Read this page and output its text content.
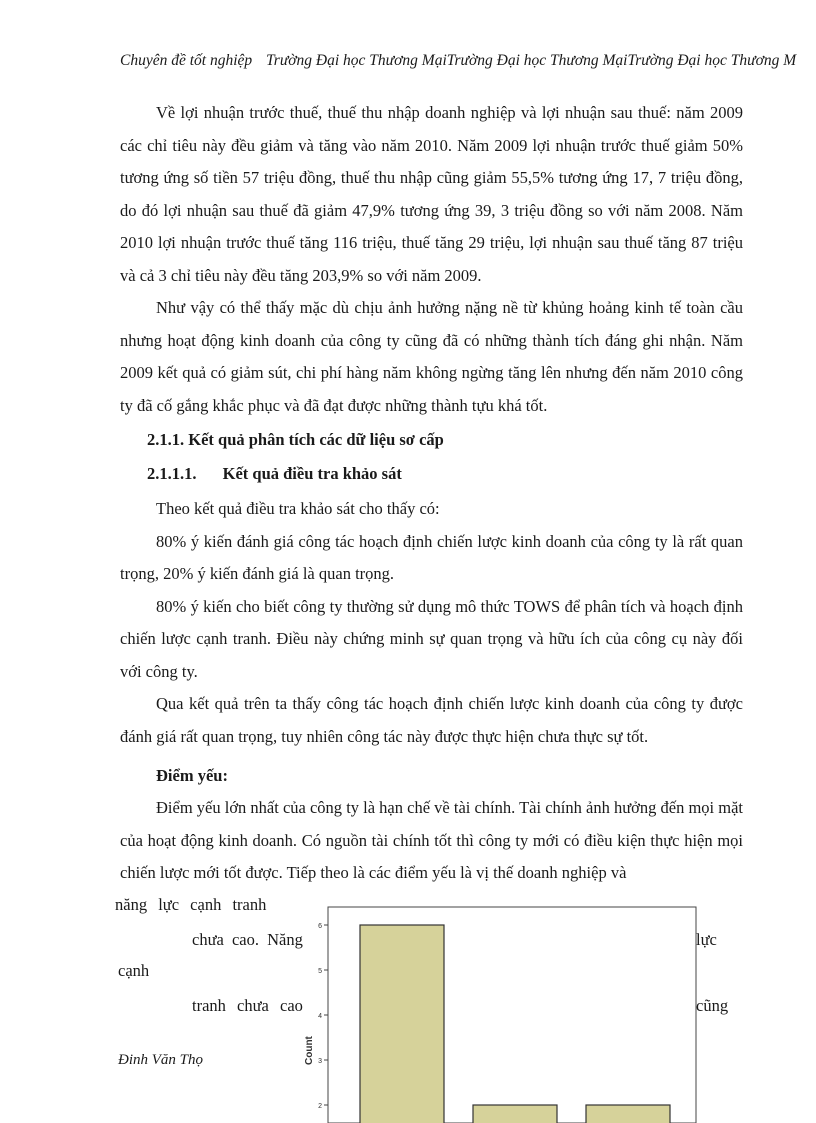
Chuyên đề tốt nghiệp Trường Đại học Thương MạiTrường Đại học Thương MạiTrường Đại học Thương M

Về lợi nhuận trước thuế, thuế thu nhập doanh nghiệp và lợi nhuận sau thuế: năm 2009 các chỉ tiêu này đều giảm và tăng vào năm 2010. Năm 2009 lợi nhuận trước thuế giảm 50% tương ứng số tiền 57 triệu đồng, thuế thu nhập cũng giảm 55,5% tương ứng 17, 7 triệu đồng, do đó lợi nhuận sau thuế đã giảm 47,9% tương ứng 39, 3 triệu đồng so với năm 2008. Năm 2010 lợi nhuận trước thuế tăng 116 triệu, thuế tăng 29 triệu, lợi nhuận sau thuế tăng 87 triệu và cả 3 chỉ tiêu này đều tăng 203,9% so với năm 2009.

Như vậy có thể thấy mặc dù chịu ảnh hưởng nặng nề từ khủng hoảng kinh tế toàn cầu nhưng hoạt động kinh doanh của công ty cũng đã có những thành tích đáng ghi nhận. Năm 2009 kết quả có giảm sút, chi phí hàng năm không ngừng tăng lên nhưng đến năm 2010 công ty đã cố gắng khắc phục và đã đạt được những thành tựu khá tốt.

2.1.1. Kết quả phân tích các dữ liệu sơ cấp
2.1.1.1. Kết quả điều tra khảo sát

Theo kết quả điều tra khảo sát cho thấy có:

80% ý kiến đánh giá công tác hoạch định chiến lược kinh doanh của công ty là rất quan trọng, 20% ý kiến đánh giá là quan trọng.

80% ý kiến cho biết công ty thường sử dụng mô thức TOWS để phân tích và hoạch định chiến lược cạnh tranh. Điều này chứng minh sự quan trọng và hữu ích của công cụ này đối với công ty.

Qua kết quả trên ta thấy công tác hoạch định chiến lược kinh doanh của công ty được đánh giá rất quan trọng, tuy nhiên công tác này được thực hiện chưa thực sự tốt.

Điểm yếu:

Điểm yếu lớn nhất của công ty là hạn chế về tài chính. Tài chính ảnh hưởng đến mọi mặt của hoạt động kinh doanh. Có nguồn tài chính tốt thì công ty mới có điều kiện thực hiện mọi chiến lược mới tốt được. Tiếp theo là các điểm yếu là vị thế doanh nghiệp và

năng lực cạnh tranh
chưa cao. Năng	lực
cạnh
tranh chưa cao	cũng
Count
2
3
4
5
6
Đinh Văn Thọ
